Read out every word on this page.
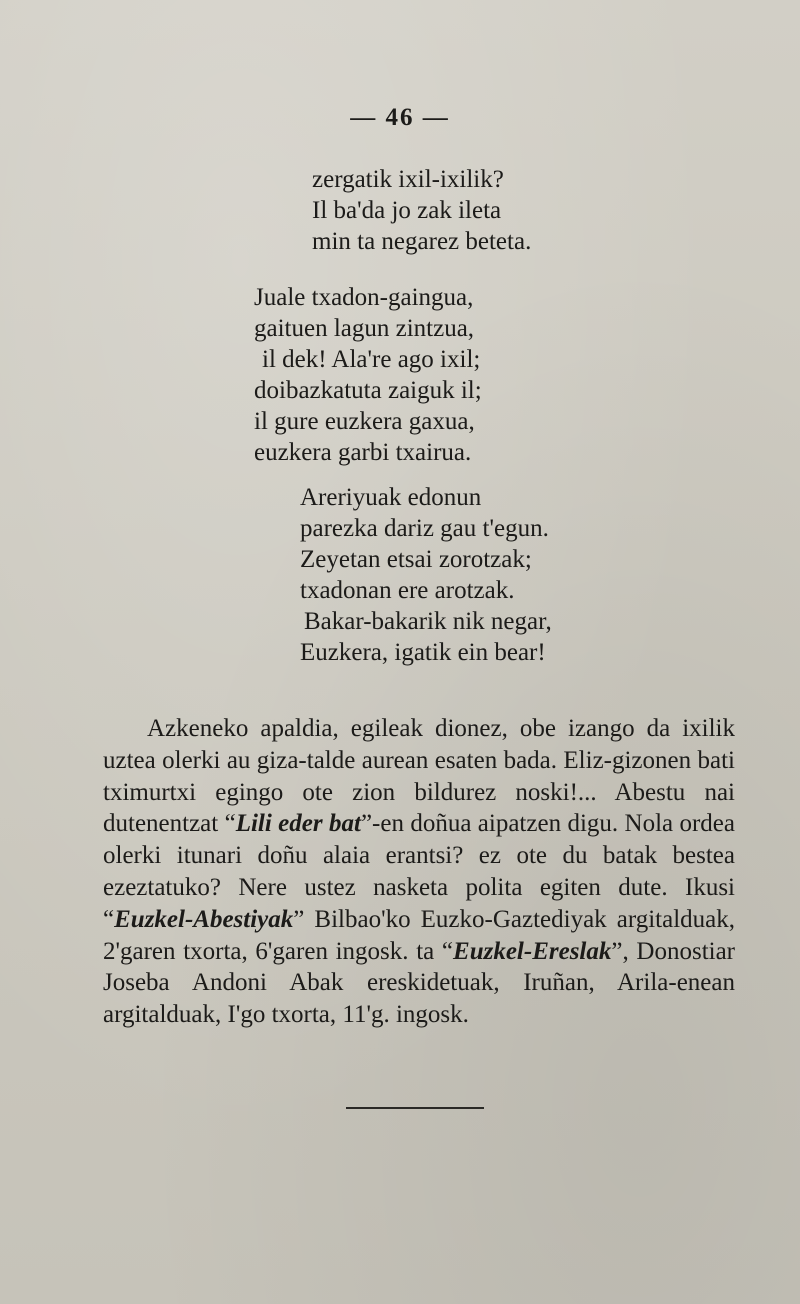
— 46 —
zergatik ixil-ixilik?
Il ba'da jo zak ileta
min ta negarez beteta.
Juale txadon-gaingua,
gaituen lagun zintzua,
il dek! Ala're ago ixil;
doibazkatuta zaiguk il;
il gure euzkera gaxua,
euzkera garbi txairua.
Areriyuak edonun
parezka dariz gau t'egun.
Zeyetan etsai zorotzak;
txadonan ere arotzak.
Bakar-bakarik nik negar,
Euzkera, igatik ein bear!

Azkeneko apaldia, egileak dionez, obe izango da ixilik uztea olerki au giza-talde aurean esaten bada. Eliz-gizonen bati tximurtxi egingo ote zion bildurez noski!... Abestu nai dutenentzat “Lili eder bat”-en doñua aipatzen digu. Nola ordea olerki itunari doñu alaia erantsi? ez ote du batak bestea ezeztatuko? Nere ustez nasketa polita egiten dute. Ikusi “Euzkel-Abestiyak” Bilbao'ko Euzko-Gaztediyak argitalduak, 2'garen txorta, 6'garen ingosk. ta “Euzkel-Ereslak”, Donostiar Joseba Andoni Abak ereskidetuak, Iruñan, Arila-enean argitalduak, I'go txorta, 11'g. ingosk.
